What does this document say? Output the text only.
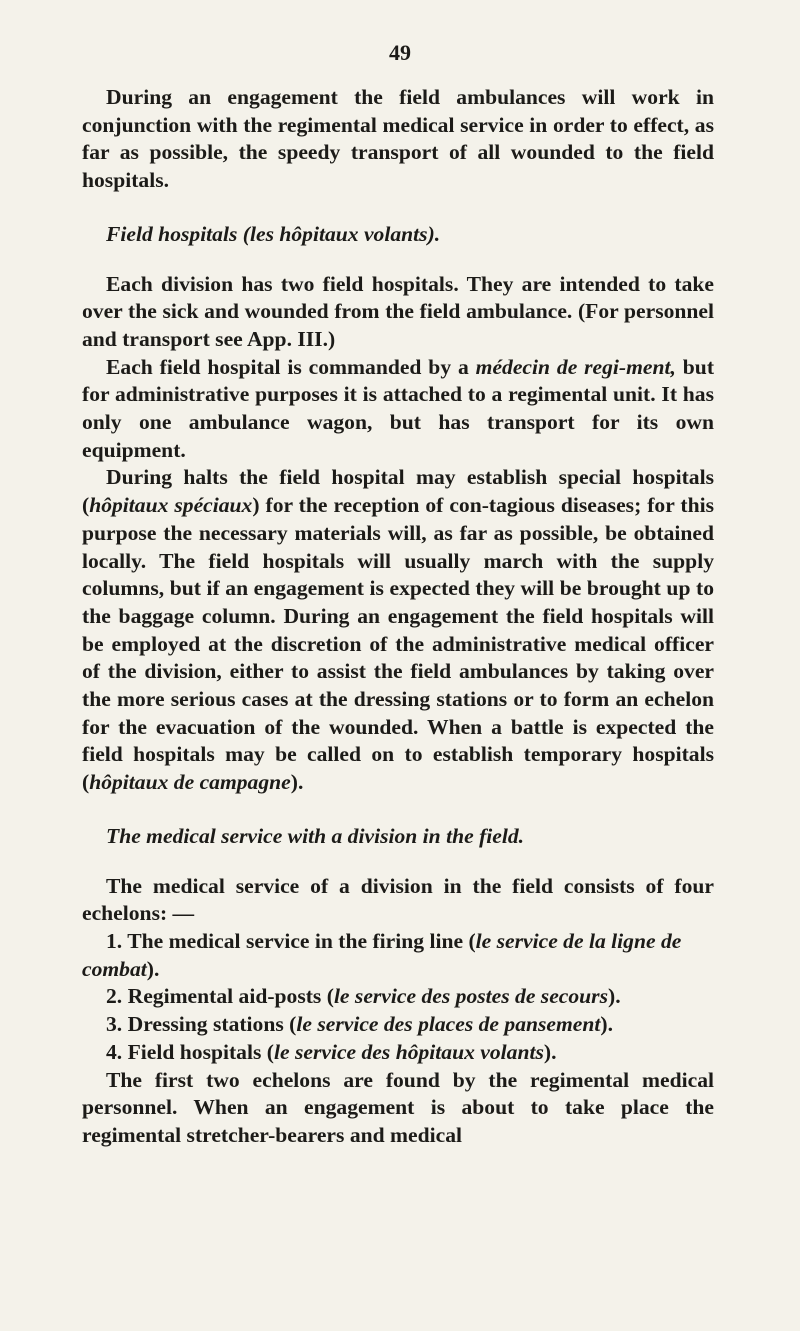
49

During an engagement the field ambulances will work in conjunction with the regimental medical service in order to effect, as far as possible, the speedy transport of all wounded to the field hospitals.

Field hospitals (les hôpitaux volants).

Each division has two field hospitals. They are intended to take over the sick and wounded from the field ambulance. (For personnel and transport see App. III.)

Each field hospital is commanded by a médecin de regi-ment, but for administrative purposes it is attached to a regimental unit. It has only one ambulance wagon, but has transport for its own equipment.

During halts the field hospital may establish special hospitals (hôpitaux spéciaux) for the reception of con-tagious diseases; for this purpose the necessary materials will, as far as possible, be obtained locally. The field hospitals will usually march with the supply columns, but if an engagement is expected they will be brought up to the baggage column. During an engagement the field hospitals will be employed at the discretion of the administrative medical officer of the division, either to assist the field ambulances by taking over the more serious cases at the dressing stations or to form an echelon for the evacuation of the wounded. When a battle is expected the field hospitals may be called on to establish temporary hospitals (hôpitaux de campagne).

The medical service with a division in the field.

The medical service of a division in the field consists of four echelons: —

1. The medical service in the firing line (le service de la ligne de combat).

2. Regimental aid-posts (le service des postes de secours).

3. Dressing stations (le service des places de pansement).

4. Field hospitals (le service des hôpitaux volants).

The first two echelons are found by the regimental medical personnel. When an engagement is about to take place the regimental stretcher-bearers and medical
